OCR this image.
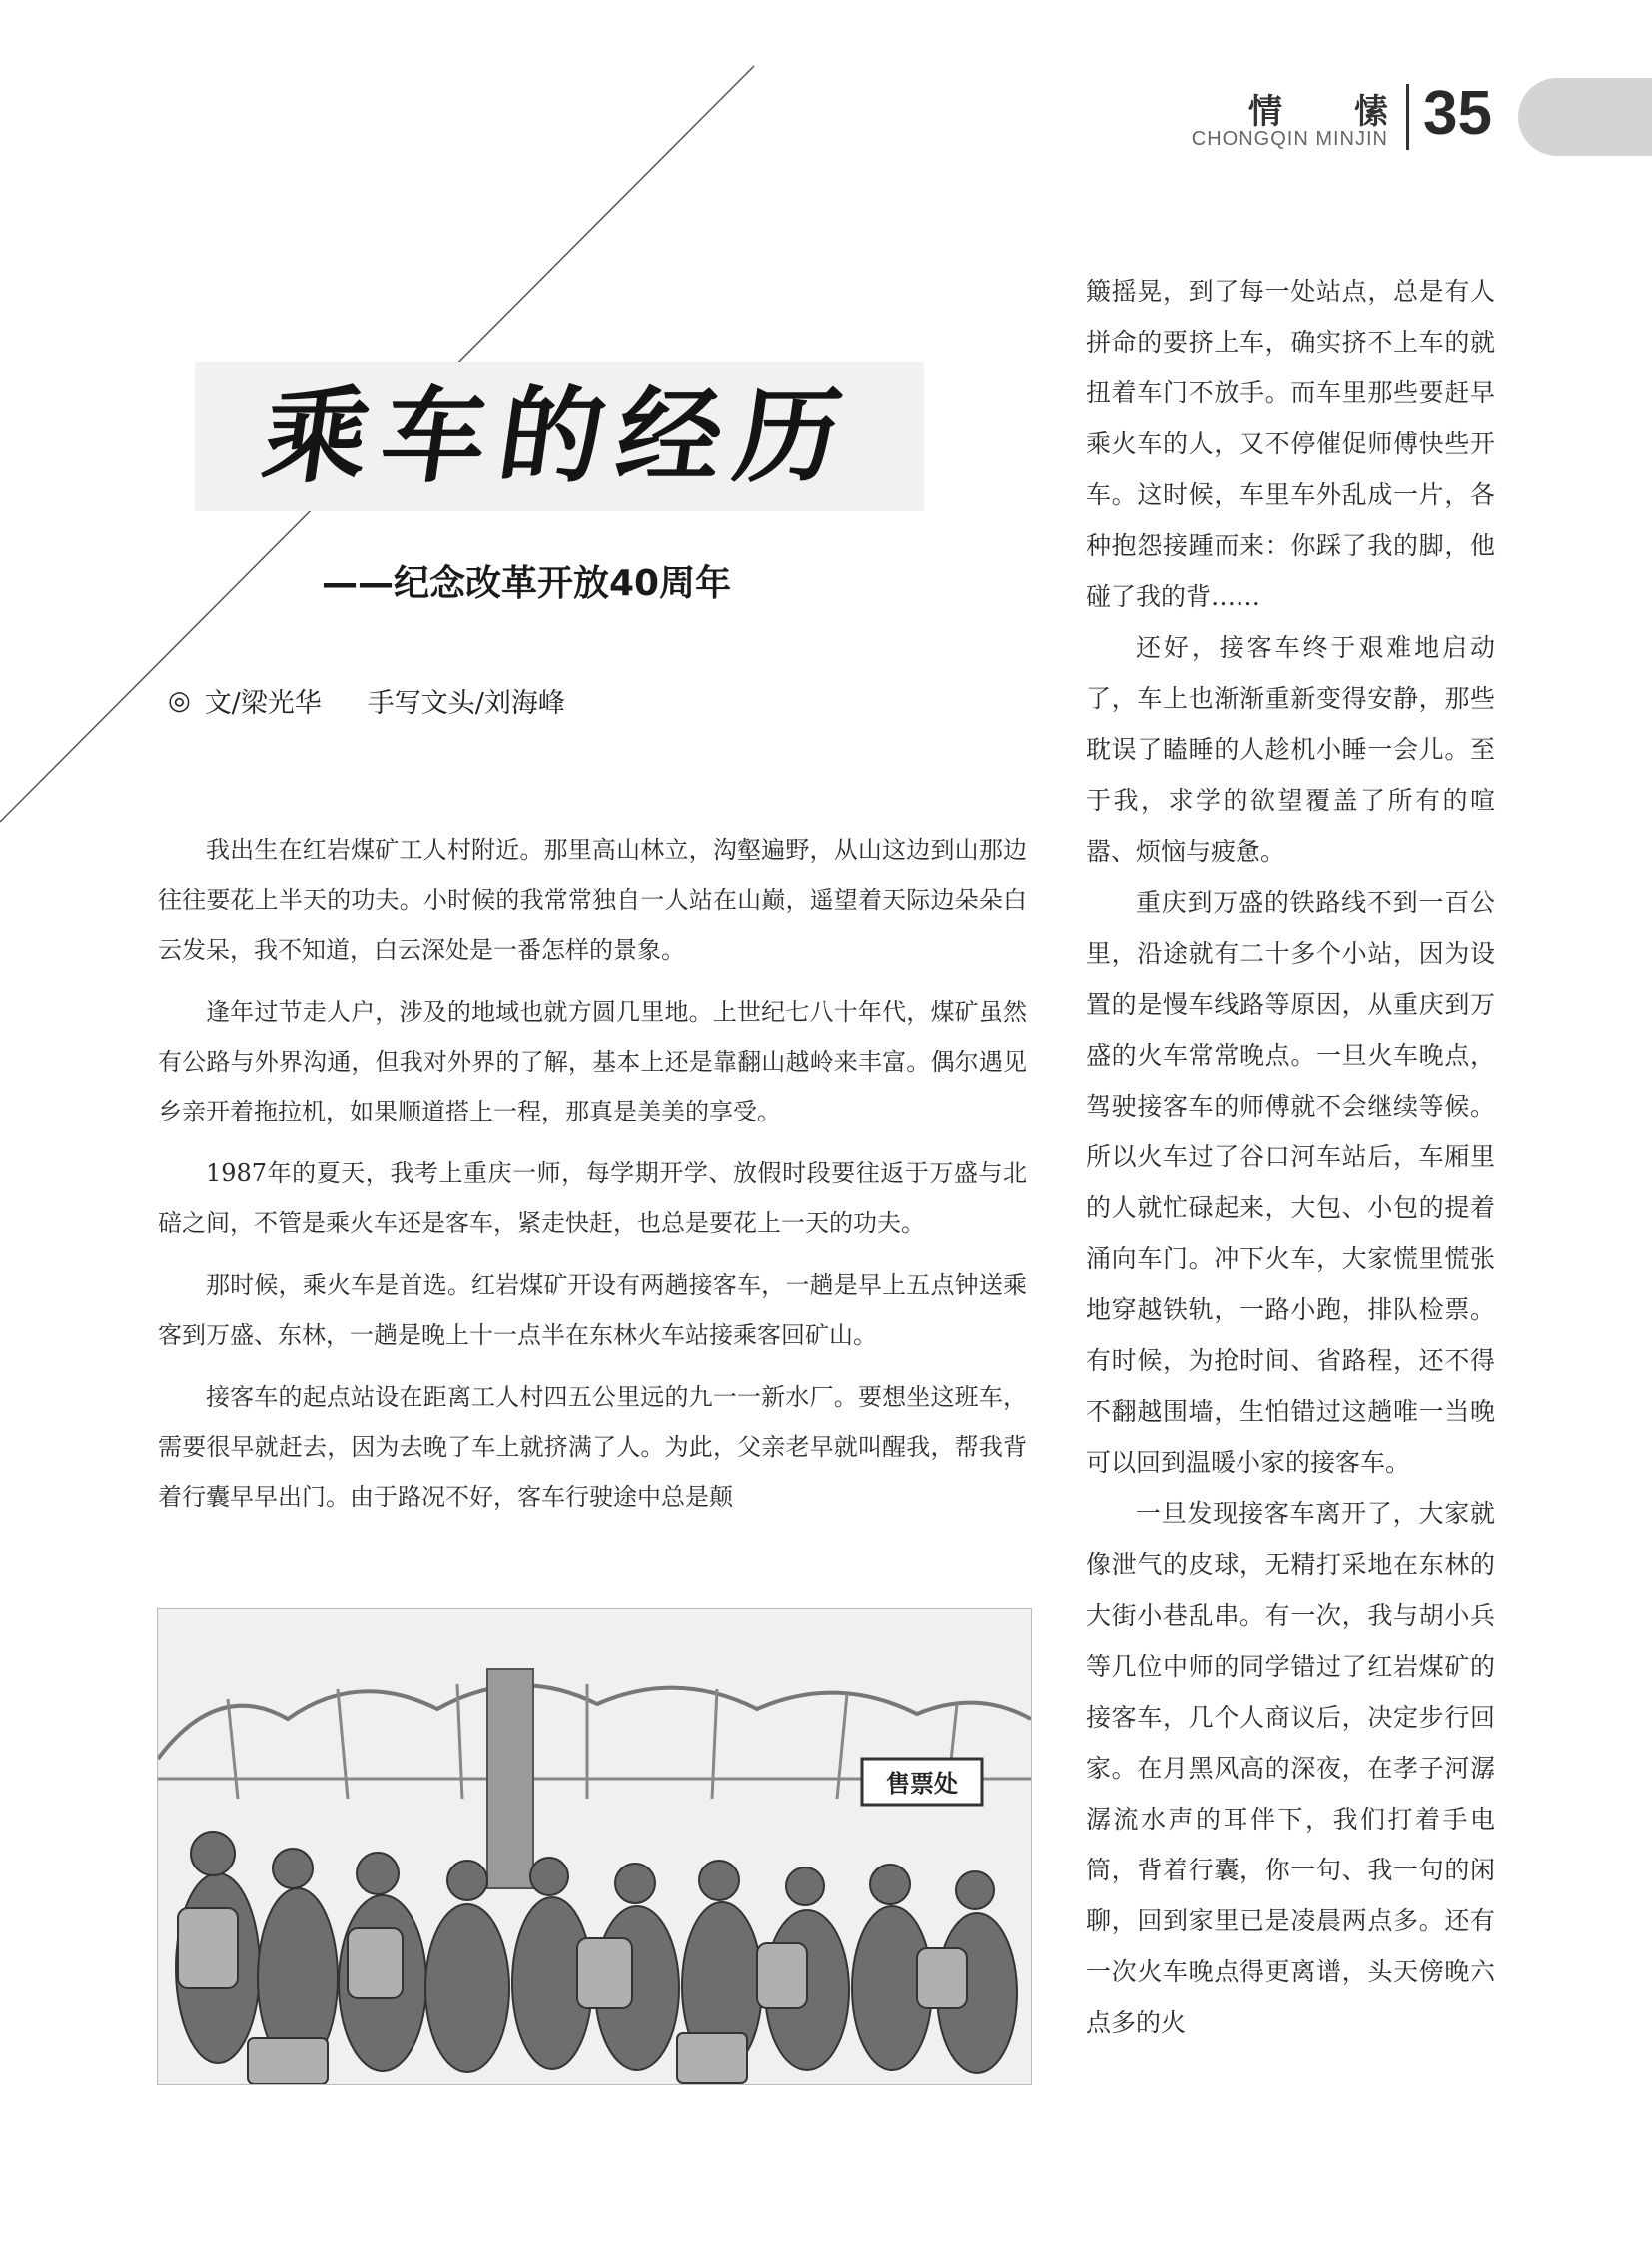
情 愫
CHONGQIN MINJIN 35
乘车的经历
——纪念改革开放40周年
◎ 文/梁光华 手写文头/刘海峰

我出生在红岩煤矿工人村附近。那里高山林立，沟壑遍野，从山这边到山那边往往要花上半天的功夫。小时候的我常常独自一人站在山巅，遥望着天际边朵朵白云发呆，我不知道，白云深处是一番怎样的景象。

逢年过节走人户，涉及的地域也就方圆几里地。上世纪七八十年代，煤矿虽然有公路与外界沟通，但我对外界的了解，基本上还是靠翻山越岭来丰富。偶尔遇见乡亲开着拖拉机，如果顺道搭上一程，那真是美美的享受。

1987年的夏天，我考上重庆一师，每学期开学、放假时段要往返于万盛与北碚之间，不管是乘火车还是客车，紧走快赶，也总是要花上一天的功夫。

那时候，乘火车是首选。红岩煤矿开设有两趟接客车，一趟是早上五点钟送乘客到万盛、东林，一趟是晚上十一点半在东林火车站接乘客回矿山。

接客车的起点站设在距离工人村四五公里远的九一一新水厂。要想坐这班车，需要很早就赶去，因为去晚了车上就挤满了人。为此，父亲老早就叫醒我，帮我背着行囊早早出门。由于路况不好，客车行驶途中总是颠

售票处

簸摇晃，到了每一处站点，总是有人拼命的要挤上车，确实挤不上车的就扭着车门不放手。而车里那些要赶早乘火车的人，又不停催促师傅快些开车。这时候，车里车外乱成一片，各种抱怨接踵而来：你踩了我的脚，他碰了我的背……

还好，接客车终于艰难地启动了，车上也渐渐重新变得安静，那些耽误了瞌睡的人趁机小睡一会儿。至于我，求学的欲望覆盖了所有的喧嚣、烦恼与疲惫。

重庆到万盛的铁路线不到一百公里，沿途就有二十多个小站，因为设置的是慢车线路等原因，从重庆到万盛的火车常常晚点。一旦火车晚点，驾驶接客车的师傅就不会继续等候。所以火车过了谷口河车站后，车厢里的人就忙碌起来，大包、小包的提着涌向车门。冲下火车，大家慌里慌张地穿越铁轨，一路小跑，排队检票。有时候，为抢时间、省路程，还不得不翻越围墙，生怕错过这趟唯一当晚可以回到温暖小家的接客车。

一旦发现接客车离开了，大家就像泄气的皮球，无精打采地在东林的大街小巷乱串。有一次，我与胡小兵等几位中师的同学错过了红岩煤矿的接客车，几个人商议后，决定步行回家。在月黑风高的深夜，在孝子河潺潺流水声的耳伴下，我们打着手电筒，背着行囊，你一句、我一句的闲聊，回到家里已是凌晨两点多。还有一次火车晚点得更离谱，头天傍晚六点多的火
